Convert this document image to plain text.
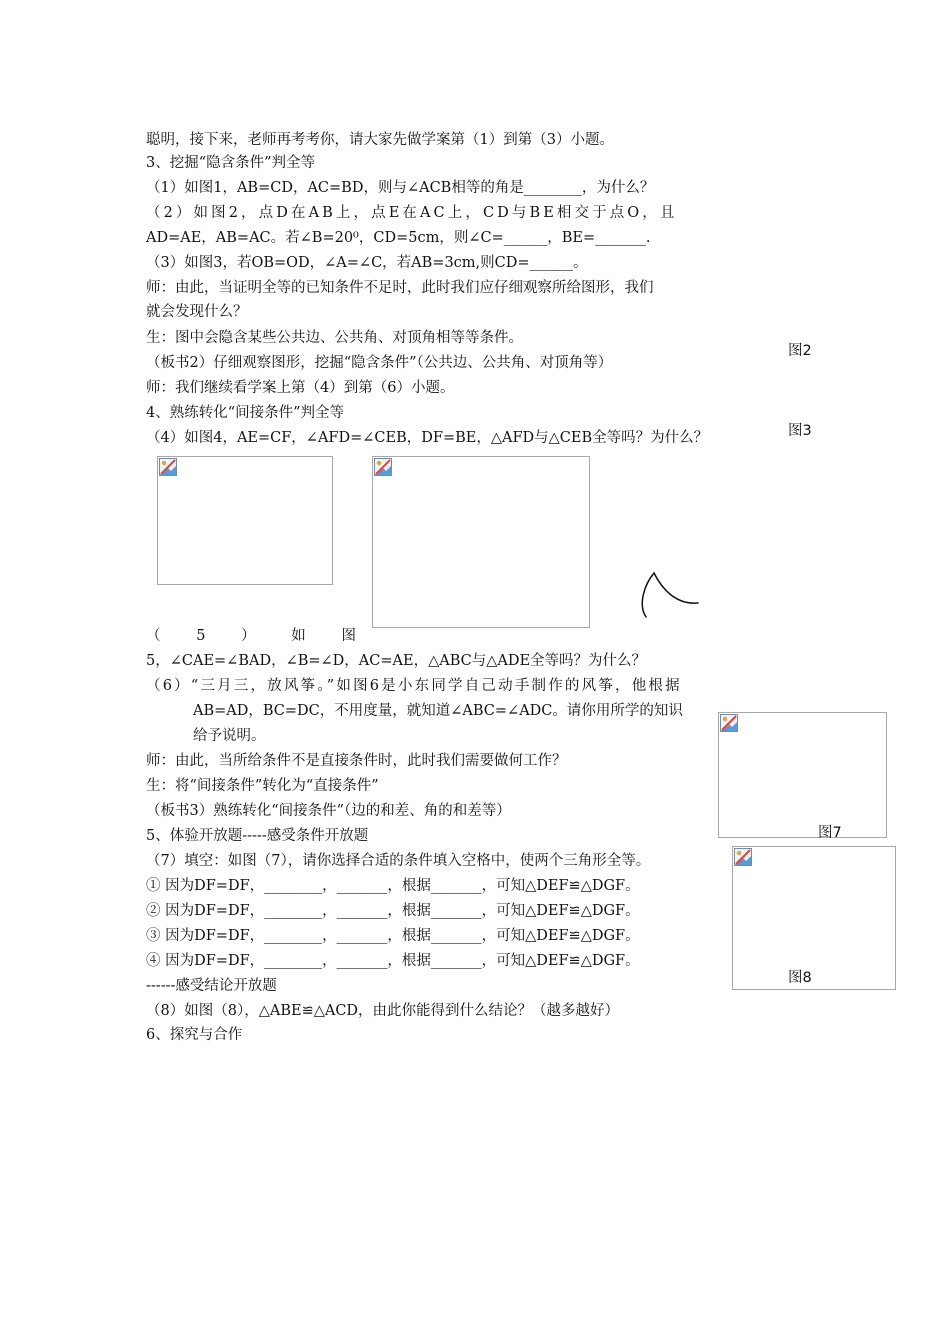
聪明，接下来，老师再考考你，请大家先做学案第（1）到第（3）小题。
3、挖掘“隐含条件”判全等
（1）如图1，AB=CD，AC=BD，则与∠ACB相等的角是________，为什么？
（2）如图2，点D在AB上，点E在AC上，CD与BE相交于点O，且
AD=AE，AB=AC。若∠B=20⁰，CD=5cm，则∠C=______，BE=_______.
（3）如图3，若OB=OD，∠A=∠C，若AB=3cm,则CD=______。
师：由此，当证明全等的已知条件不足时，此时我们应仔细观察所给图形，我们
就会发现什么？
生：图中会隐含某些公共边、公共角、对顶角相等等条件。
（板书2）仔细观察图形，挖掘“隐含条件”（公共边、公共角、对顶角等）
师：我们继续看学案上第（4）到第（6）小题。
4、熟练转化“间接条件”判全等
（4）如图4，AE=CF，∠AFD=∠CEB，DF=BE，△AFD与△CEB全等吗？为什么？
图2
图3
（ 5 ） 如 图
5，∠CAE=∠BAD，∠B=∠D，AC=AE，△ABC与△ADE全等吗？为什么？
（6）“三月三，放风筝。”如图6是小东同学自己动手制作的风筝，他根据
AB=AD，BC=DC，不用度量，就知道∠ABC=∠ADC。请你用所学的知识
给予说明。
师：由此，当所给条件不是直接条件时，此时我们需要做何工作？
生：将“间接条件”转化为“直接条件”
（板书3）熟练转化“间接条件”（边的和差、角的和差等）
5、体验开放题-----感受条件开放题
（7）填空：如图（7），请你选择合适的条件填入空格中，使两个三角形全等。
① 因为DF=DF，________，_______，根据_______，可知△DEF≌△DGF。
② 因为DF=DF，________，_______，根据_______，可知△DEF≌△DGF。
③ 因为DF=DF，________，_______，根据_______，可知△DEF≌△DGF。
④ 因为DF=DF，________，_______，根据_______，可知△DEF≌△DGF。
------感受结论开放题
（8）如图（8），△ABE≌△ACD，由此你能得到什么结论？（越多越好）
6、探究与合作
图7
图8
